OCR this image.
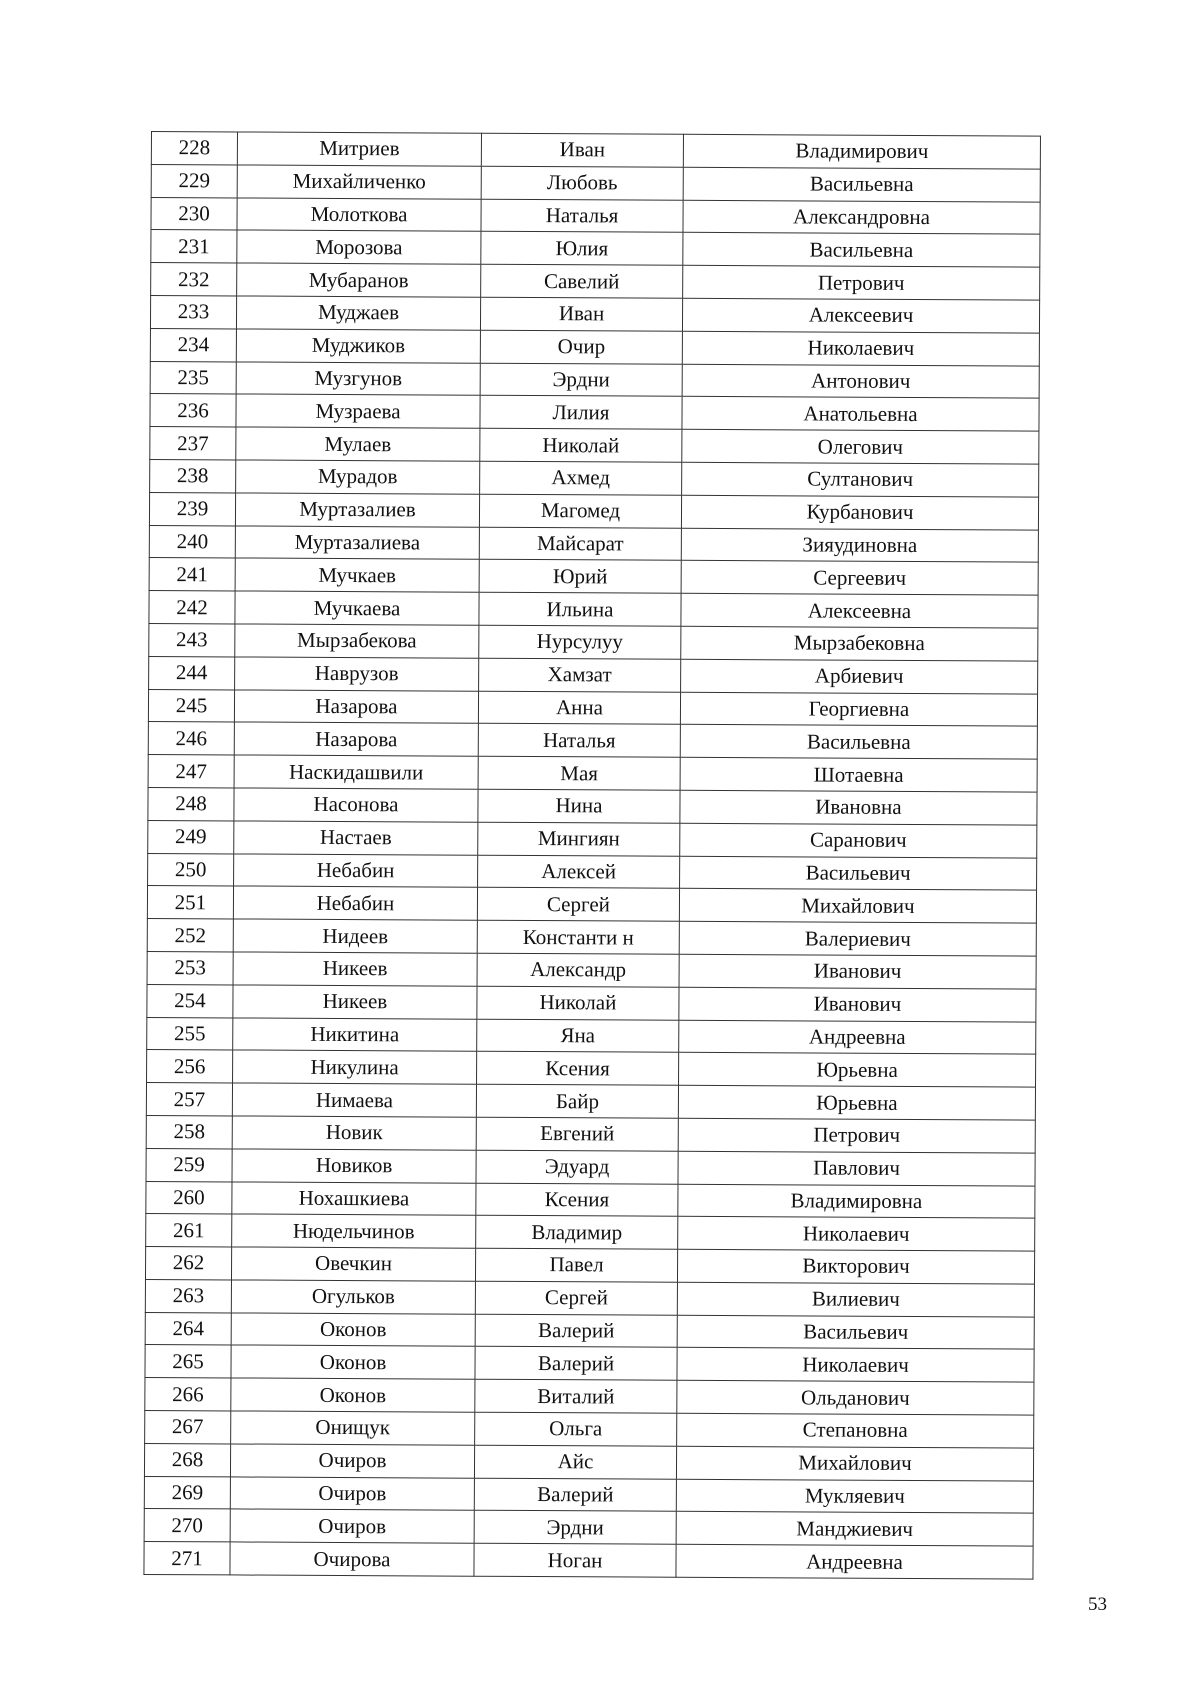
228	Митриев	Иван	Владимирович
229	Михайличенко	Любовь	Васильевна
230	Молоткова	Наталья	Александровна
231	Морозова	Юлия	Васильевна
232	Мубаранов	Савелий	Петрович
233	Муджаев	Иван	Алексеевич
234	Муджиков	Очир	Николаевич
235	Музгунов	Эрдни	Антонович
236	Музраева	Лилия	Анатольевна
237	Мулаев	Николай	Олегович
238	Мурадов	Ахмед	Султанович
239	Муртазалиев	Магомед	Курбанович
240	Муртазалиева	Майсарат	Зияудиновна
241	Мучкаев	Юрий	Сергеевич
242	Мучкаева	Ильина	Алексеевна
243	Мырзабекова	Нурсулуу	Мырзабековна
244	Наврузов	Хамзат	Арбиевич
245	Назарова	Анна	Георгиевна
246	Назарова	Наталья	Васильевна
247	Наскидашвили	Мая	Шотаевна
248	Насонова	Нина	Ивановна
249	Настаев	Мингиян	Саранович
250	Небабин	Алексей	Васильевич
251	Небабин	Сергей	Михайлович
252	Нидеев	Константи н	Валериевич
253	Никеев	Александр	Иванович
254	Никеев	Николай	Иванович
255	Никитина	Яна	Андреевна
256	Никулина	Ксения	Юрьевна
257	Нимаева	Байр	Юрьевна
258	Новик	Евгений	Петрович
259	Новиков	Эдуард	Павлович
260	Нохашкиева	Ксения	Владимировна
261	Нюдельчинов	Владимир	Николаевич
262	Овечкин	Павел	Викторович
263	Огульков	Сергей	Вилиевич
264	Оконов	Валерий	Васильевич
265	Оконов	Валерий	Николаевич
266	Оконов	Виталий	Ольданович
267	Онищук	Ольга	Степановна
268	Очиров	Айс	Михайлович
269	Очиров	Валерий	Мукляевич
270	Очиров	Эрдни	Манджиевич
271	Очирова	Ноган	Андреевна
53
